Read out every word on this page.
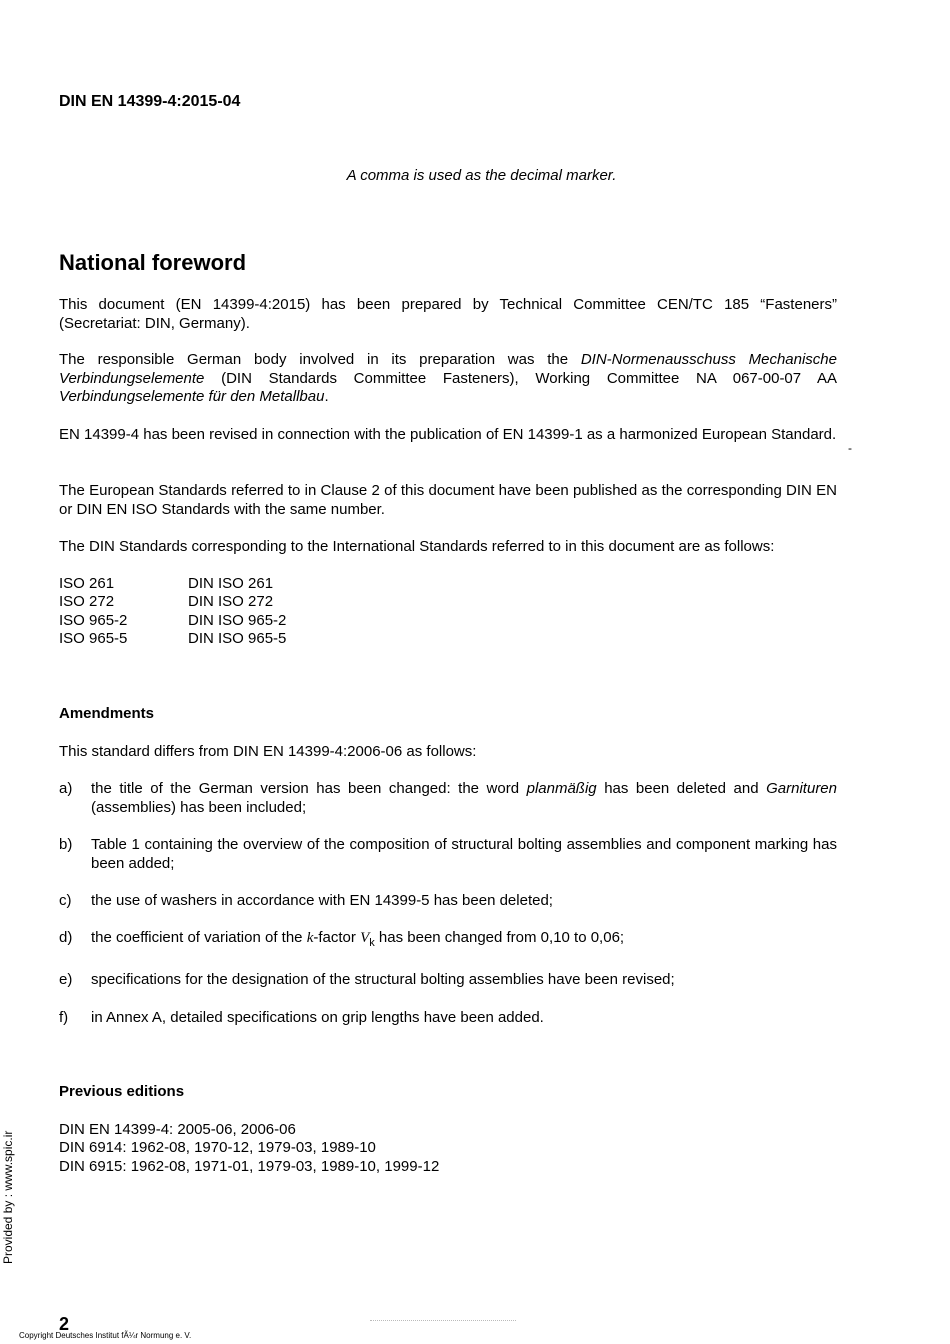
DIN EN 14399-4:2015-04
A comma is used as the decimal marker.
National foreword
This document (EN 14399-4:2015) has been prepared by Technical Committee CEN/TC 185 “Fasteners” (Secretariat: DIN, Germany).
The responsible German body involved in its preparation was the DIN-Normenausschuss Mechanische Verbindungselemente (DIN Standards Committee Fasteners), Working Committee NA 067-00-07 AA Verbindungselemente für den Metallbau.
EN 14399-4 has been revised in connection with the publication of EN 14399-1 as a harmonized European Standard.
-
The European Standards referred to in Clause 2 of this document have been published as the corresponding DIN EN or DIN EN ISO Standards with the same number.
The DIN Standards corresponding to the International Standards referred to in this document are as follows:
ISO 261	DIN ISO 261
ISO 272	DIN ISO 272
ISO 965-2	DIN ISO 965-2
ISO 965-5	DIN ISO 965-5
Amendments
This standard differs from DIN EN 14399-4:2006-06 as follows:
a)	the title of the German version has been changed: the word planmäßig has been deleted and Garnituren (assemblies) has been included;
b)	Table 1 containing the overview of the composition of structural bolting assemblies and component marking has been added;
c)	the use of washers in accordance with EN 14399-5 has been deleted;
d)	the coefficient of variation of the k-factor $V_k$ has been changed from 0,10 to 0,06;
e)	specifications for the designation of the structural bolting assemblies have been revised;
f)	in Annex A, detailed specifications on grip lengths have been added.
Previous editions
DIN EN 14399-4: 2005-06, 2006-06
DIN 6914: 1962-08, 1970-12, 1979-03, 1989-10
DIN 6915: 1962-08, 1971-01, 1979-03, 1989-10, 1999-12
Provided by : www.spic.ir
2
Copyright Deutsches Institut fÃ¼r Normung e. V.
